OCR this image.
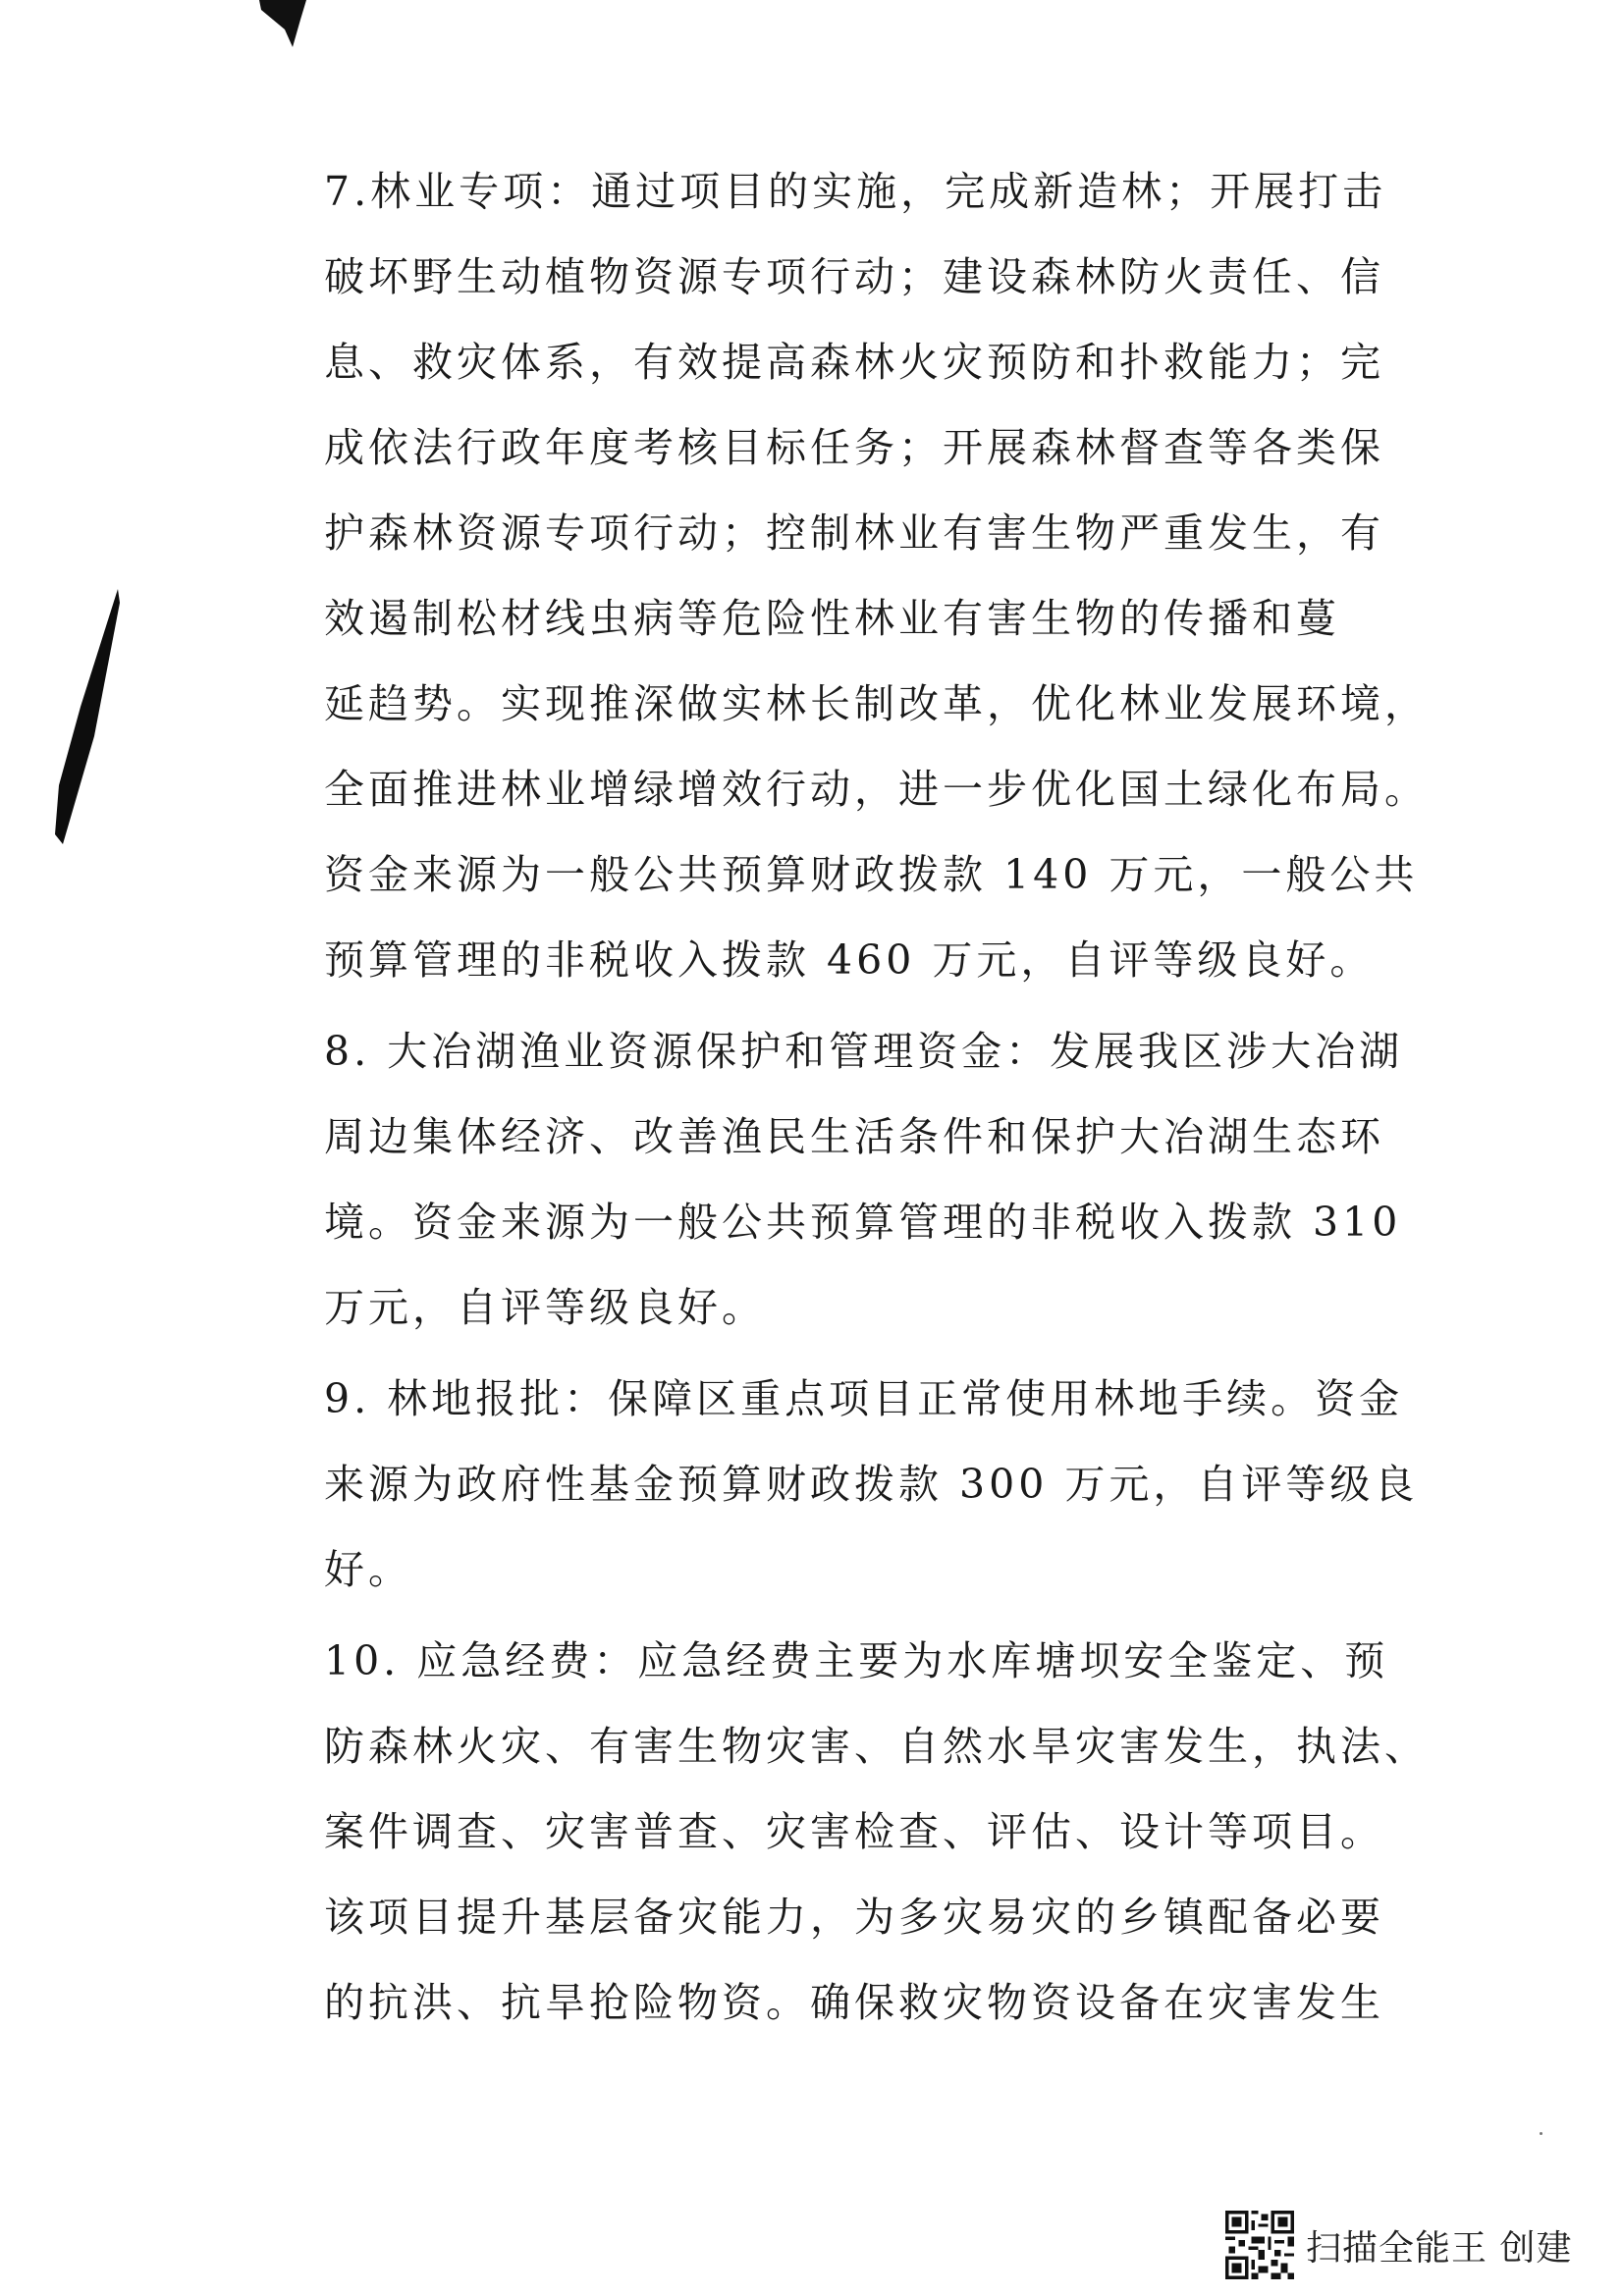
7.林业专项：通过项目的实施，完成新造林；开展打击
破坏野生动植物资源专项行动；建设森林防火责任、信
息、救灾体系，有效提高森林火灾预防和扑救能力；完
成依法行政年度考核目标任务；开展森林督查等各类保
护森林资源专项行动；控制林业有害生物严重发生，有
效遏制松材线虫病等危险性林业有害生物的传播和蔓
延趋势。实现推深做实林长制改革，优化林业发展环境，
全面推进林业增绿增效行动，进一步优化国土绿化布局。
资金来源为一般公共预算财政拨款 140 万元，一般公共
预算管理的非税收入拨款 460 万元，自评等级良好。
8. 大冶湖渔业资源保护和管理资金：发展我区涉大冶湖
周边集体经济、改善渔民生活条件和保护大冶湖生态环
境。资金来源为一般公共预算管理的非税收入拨款 310
万元，自评等级良好。
9. 林地报批：保障区重点项目正常使用林地手续。资金
来源为政府性基金预算财政拨款 300 万元，自评等级良
好。
10. 应急经费：应急经费主要为水库塘坝安全鉴定、预
防森林火灾、有害生物灾害、自然水旱灾害发生，执法、
案件调查、灾害普查、灾害检查、评估、设计等项目。
该项目提升基层备灾能力，为多灾易灾的乡镇配备必要
的抗洪、抗旱抢险物资。确保救灾物资设备在灾害发生
扫描全能王 创建
